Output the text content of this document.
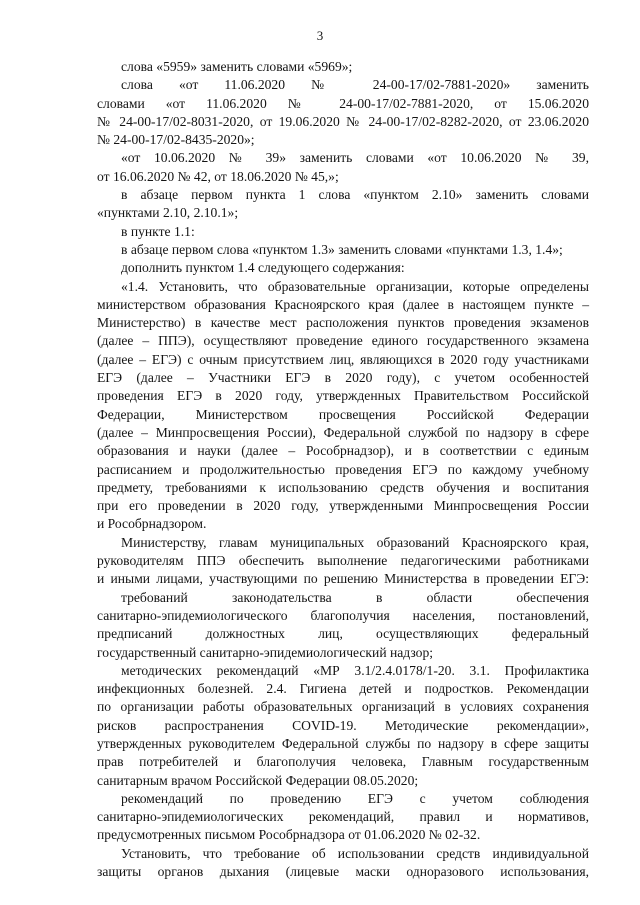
3

слова «5959» заменить словами «5969»;

слова «от 11.06.2020 № 24-00-17/02-7881-2020» заменить

словами «от 11.06.2020 № 24-00-17/02-7881-2020, от 15.06.2020

№ 24-00-17/02-8031-2020, от 19.06.2020 № 24-00-17/02-8282-2020, от 23.06.2020

№ 24-00-17/02-8435-2020»;

«от 10.06.2020 № 39» заменить словами «от 10.06.2020 № 39,

от 16.06.2020 № 42, от 18.06.2020 № 45,»;

в абзаце первом пункта 1 слова «пунктом 2.10» заменить словами

«пунктами 2.10, 2.10.1»;

в пункте 1.1:

в абзаце первом слова «пунктом 1.3» заменить словами «пунктами 1.3, 1.4»;

дополнить пунктом 1.4 следующего содержания:

«1.4. Установить, что образовательные организации, которые определены

министерством образования Красноярского края (далее в настоящем пункте –

Министерство) в качестве мест расположения пунктов проведения экзаменов

(далее – ППЭ), осуществляют проведение единого государственного экзамена

(далее – ЕГЭ) с очным присутствием лиц, являющихся в 2020 году участниками

ЕГЭ (далее – Участники ЕГЭ в 2020 году), с учетом особенностей

проведения ЕГЭ в 2020 году, утвержденных Правительством Российской

Федерации, Министерством просвещения Российской Федерации

(далее – Минпросвещения России), Федеральной службой по надзору в сфере

образования и науки (далее – Рособрнадзор), и в соответствии с единым

расписанием и продолжительностью проведения ЕГЭ по каждому учебному

предмету, требованиями к использованию средств обучения и воспитания

при его проведении в 2020 году, утвержденными Минпросвещения России

и Рособрнадзором.

Министерству, главам муниципальных образований Красноярского края,

руководителям ППЭ обеспечить выполнение педагогическими работниками

и иными лицами, участвующими по решению Министерства в проведении ЕГЭ:

требований законодательства в области обеспечения

санитарно-эпидемиологического благополучия населения, постановлений,

предписаний должностных лиц, осуществляющих федеральный

государственный санитарно-эпидемиологический надзор;

методических рекомендаций «МР 3.1/2.4.0178/1-20. 3.1. Профилактика

инфекционных болезней. 2.4. Гигиена детей и подростков. Рекомендации

по организации работы образовательных организаций в условиях сохранения

рисков распространения COVID-19. Методические рекомендации»,

утвержденных руководителем Федеральной службы по надзору в сфере защиты

прав потребителей и благополучия человека, Главным государственным

санитарным врачом Российской Федерации 08.05.2020;

рекомендаций по проведению ЕГЭ с учетом соблюдения

санитарно-эпидемиологических рекомендаций, правил и нормативов,

предусмотренных письмом Рособрнадзора от 01.06.2020 № 02-32.

Установить, что требование об использовании средств индивидуальной

защиты органов дыхания (лицевые маски одноразового использования,
